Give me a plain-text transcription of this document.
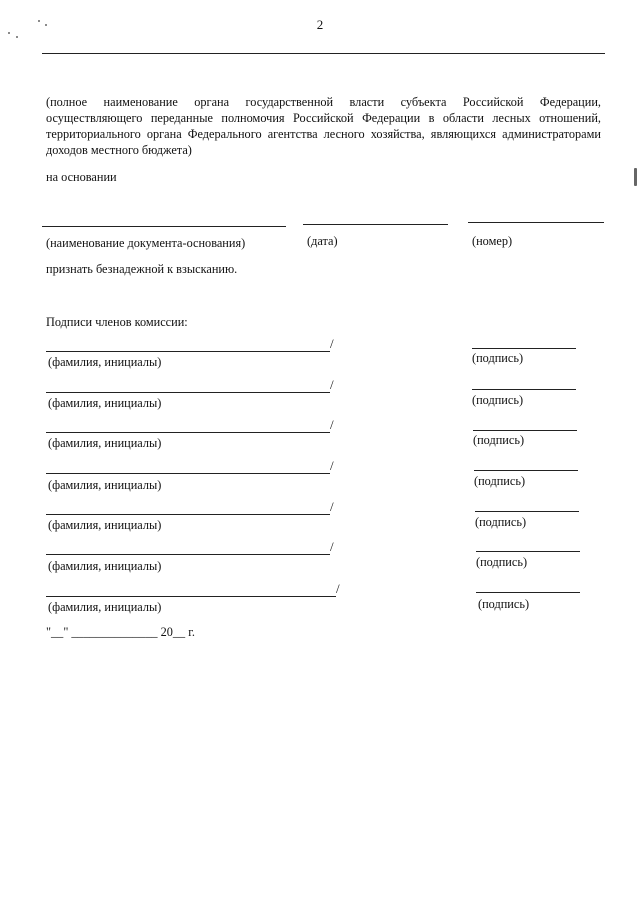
2
(полное наименование органа государственной власти субъекта Российской Федерации, осуществляющего переданные полномочия Российской Федерации в области лесных отношений, территориального органа Федерального агентства лесного хозяйства, являющихся администраторами доходов местного бюджета)
на основании
(наименование документа-основания)	(дата)	(номер)
признать безнадежной к взысканию.
Подписи членов комиссии:
/
(фамилия, инициалы)	(подпись)
/
(фамилия, инициалы)	(подпись)
/
(фамилия, инициалы)	(подпись)
/
(фамилия, инициалы)	(подпись)
/
(фамилия, инициалы)	(подпись)
/
(фамилия, инициалы)	(подпись)
/
(фамилия, инициалы)	(подпись)
"__" ______________ 20__ г.
